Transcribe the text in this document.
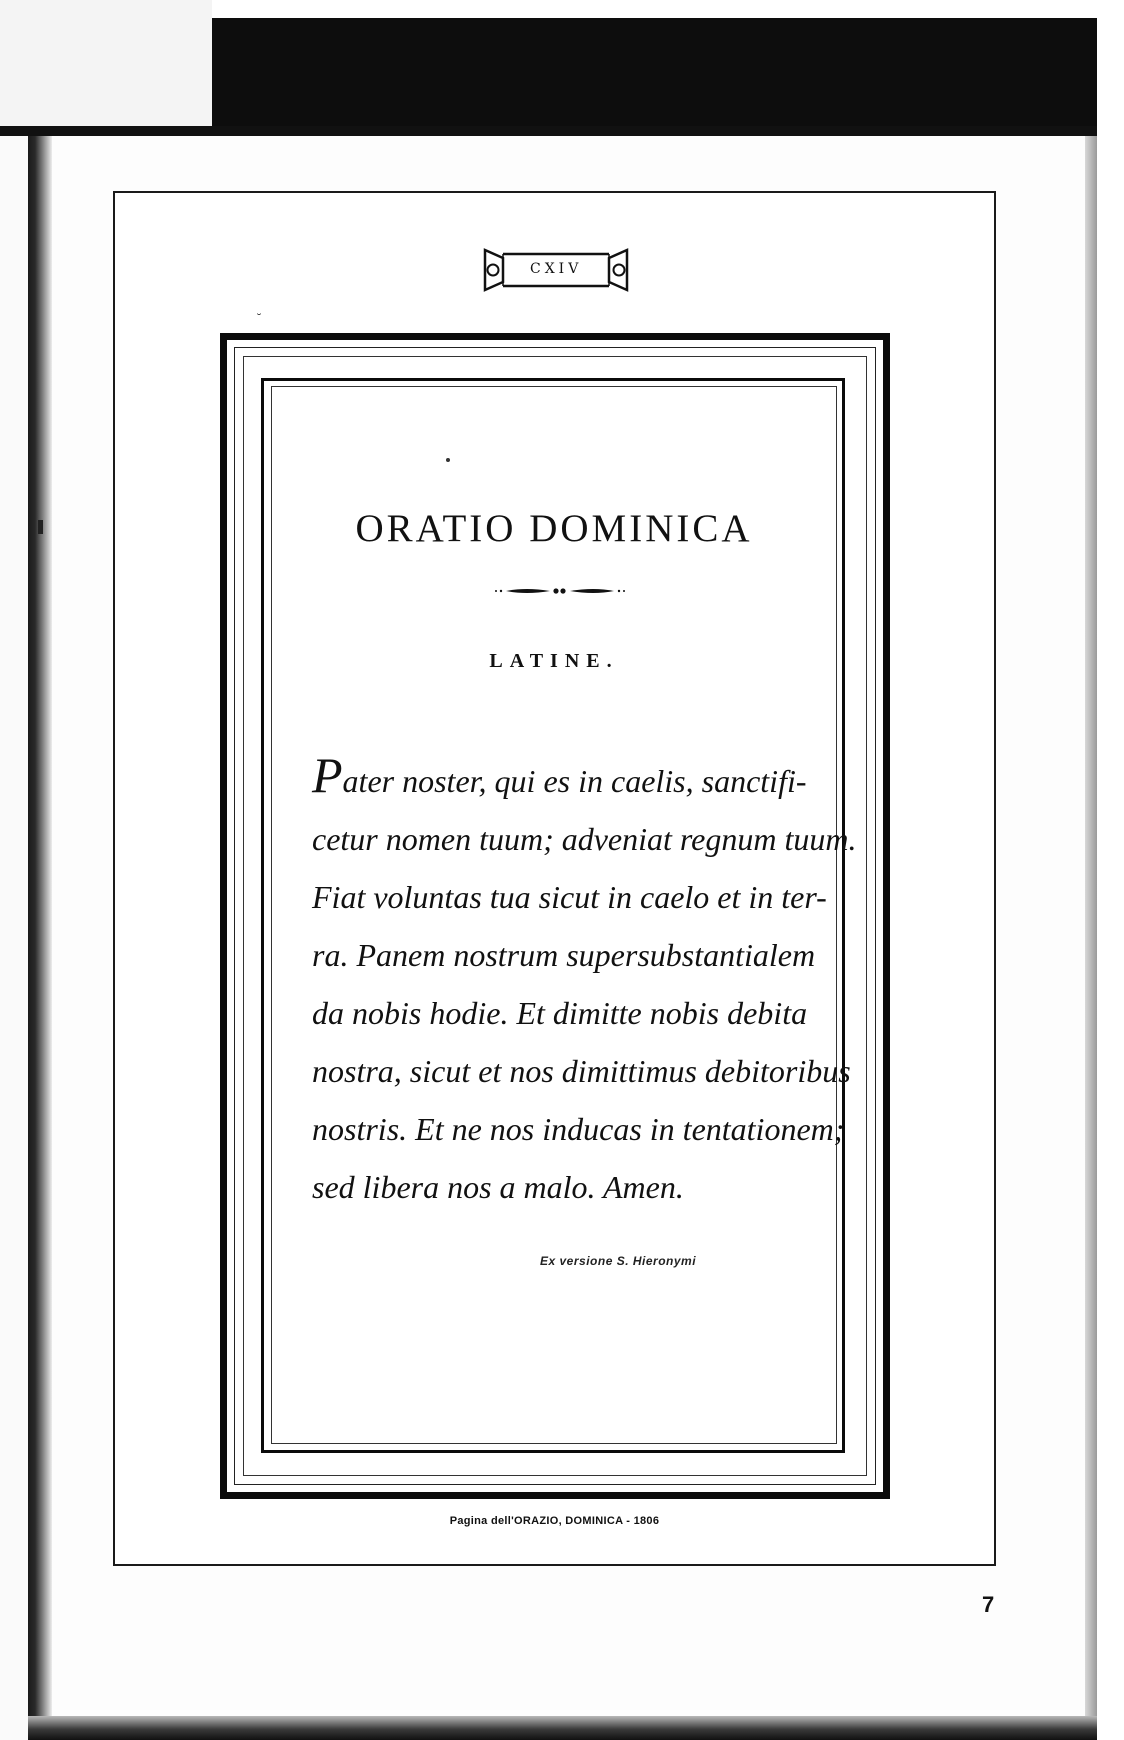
CXIV
˘
ORATIO DOMINICA
LATINE.
Pater noster, qui es in caelis, sanctifi-
cetur nomen tuum; adveniat regnum tuum.
Fiat voluntas tua sicut in caelo et in ter-
ra. Panem nostrum supersubstantialem
da nobis hodie. Et dimitte nobis debita
nostra, sicut et nos dimittimus debitoribus
nostris. Et ne nos inducas in tentationem;
sed libera nos a malo. Amen.
Ex versione S. Hieronymi
Pagina dell'ORAZIO, DOMINICA - 1806
7
